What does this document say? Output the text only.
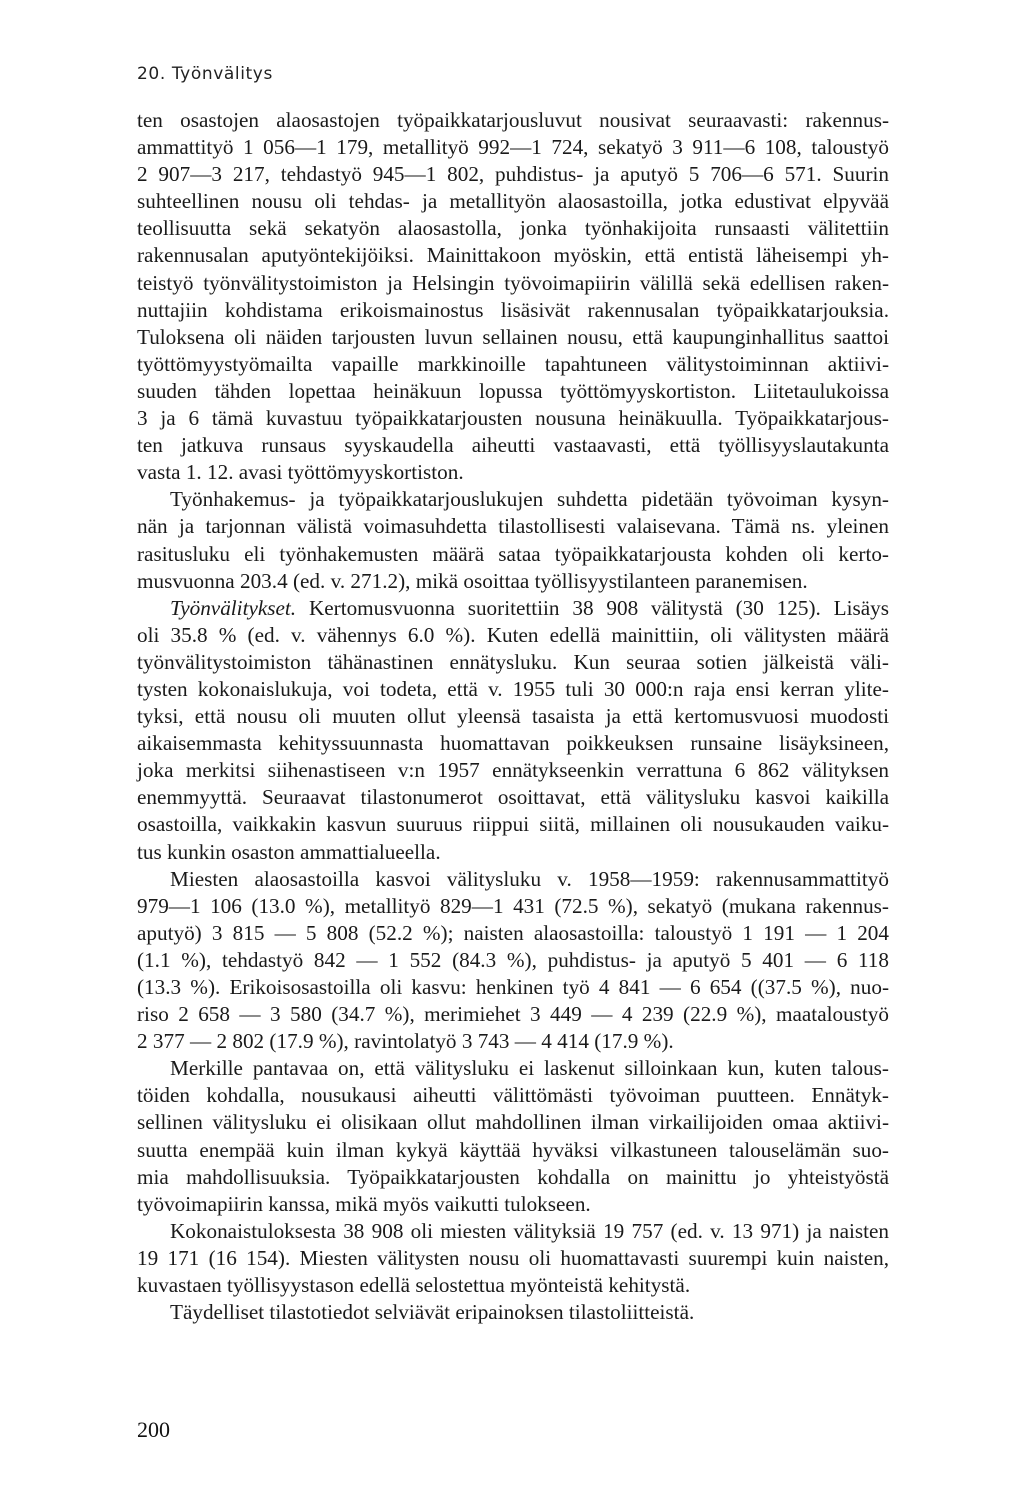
20. Työnvälitys

ten osastojen alaosastojen työpaikkatarjousluvut nousivat seuraavasti: rakennus-

ammattityö 1 056—1 179, metallityö 992—1 724, sekatyö 3 911—6 108, taloustyö

2 907—3 217, tehdastyö 945—1 802, puhdistus- ja aputyö 5 706—6 571. Suurin

suhteellinen nousu oli tehdas- ja metallityön alaosastoilla, jotka edustivat elpyvää

teollisuutta sekä sekatyön alaosastolla, jonka työnhakijoita runsaasti välitettiin

rakennusalan aputyöntekijöiksi. Mainittakoon myöskin, että entistä läheisempi yh-

teistyö työnvälitystoimiston ja Helsingin työvoimapiirin välillä sekä edellisen raken-

nuttajiin kohdistama erikoismainostus lisäsivät rakennusalan työpaikkatarjouksia.

Tuloksena oli näiden tarjousten luvun sellainen nousu, että kaupunginhallitus saattoi

työttömyystyömailta vapaille markkinoille tapahtuneen välitystoiminnan aktiivi-

suuden tähden lopettaa heinäkuun lopussa työttömyyskortiston. Liitetaulukoissa

3 ja 6 tämä kuvastuu työpaikkatarjousten nousuna heinäkuulla. Työpaikkatarjous-

ten jatkuva runsaus syyskaudella aiheutti vastaavasti, että työllisyyslautakunta

vasta 1. 12. avasi työttömyyskortiston.

Työnhakemus- ja työpaikkatarjouslukujen suhdetta pidetään työvoiman kysyn-

nän ja tarjonnan välistä voimasuhdetta tilastollisesti valaisevana. Tämä ns. yleinen

rasitusluku eli työnhakemusten määrä sataa työpaikkatarjousta kohden oli kerto-

musvuonna 203.4 (ed. v. 271.2), mikä osoittaa työllisyystilanteen paranemisen.

Työnvälitykset. Kertomusvuonna suoritettiin 38 908 välitystä (30 125). Lisäys

oli 35.8 % (ed. v. vähennys 6.0 %). Kuten edellä mainittiin, oli välitysten määrä

työnvälitystoimiston tähänastinen ennätysluku. Kun seuraa sotien jälkeistä väli-

tysten kokonaislukuja, voi todeta, että v. 1955 tuli 30 000:n raja ensi kerran ylite-

tyksi, että nousu oli muuten ollut yleensä tasaista ja että kertomusvuosi muodosti

aikaisemmasta kehityssuunnasta huomattavan poikkeuksen runsaine lisäyksineen,

joka merkitsi siihenastiseen v:n 1957 ennätykseenkin verrattuna 6 862 välityksen

enemmyyttä. Seuraavat tilastonumerot osoittavat, että välitysluku kasvoi kaikilla

osastoilla, vaikkakin kasvun suuruus riippui siitä, millainen oli nousukauden vaiku-

tus kunkin osaston ammattialueella.

Miesten alaosastoilla kasvoi välitysluku v. 1958—1959: rakennusammattityö

979—1 106 (13.0 %), metallityö 829—1 431 (72.5 %), sekatyö (mukana rakennus-

aputyö) 3 815 — 5 808 (52.2 %); naisten alaosastoilla: taloustyö 1 191 — 1 204

(1.1 %), tehdastyö 842 — 1 552 (84.3 %), puhdistus- ja aputyö 5 401 — 6 118

(13.3 %). Erikoisosastoilla oli kasvu: henkinen työ 4 841 — 6 654 ((37.5 %), nuo-

riso 2 658 — 3 580 (34.7 %), merimiehet 3 449 — 4 239 (22.9 %), maataloustyö

2 377 — 2 802 (17.9 %), ravintolatyö 3 743 — 4 414 (17.9 %).

Merkille pantavaa on, että välitysluku ei laskenut silloinkaan kun, kuten talous-

töiden kohdalla, nousukausi aiheutti välittömästi työvoiman puutteen. Ennätyk-

sellinen välitysluku ei olisikaan ollut mahdollinen ilman virkailijoiden omaa aktiivi-

suutta enempää kuin ilman kykyä käyttää hyväksi vilkastuneen talouselämän suo-

mia mahdollisuuksia. Työpaikkatarjousten kohdalla on mainittu jo yhteistyöstä

työvoimapiirin kanssa, mikä myös vaikutti tulokseen.

Kokonaistuloksesta 38 908 oli miesten välityksiä 19 757 (ed. v. 13 971) ja naisten

19 171 (16 154). Miesten välitysten nousu oli huomattavasti suurempi kuin naisten,

kuvastaen työllisyystason edellä selostettua myönteistä kehitystä.

Täydelliset tilastotiedot selviävät eripainoksen tilastoliitteistä.

200
